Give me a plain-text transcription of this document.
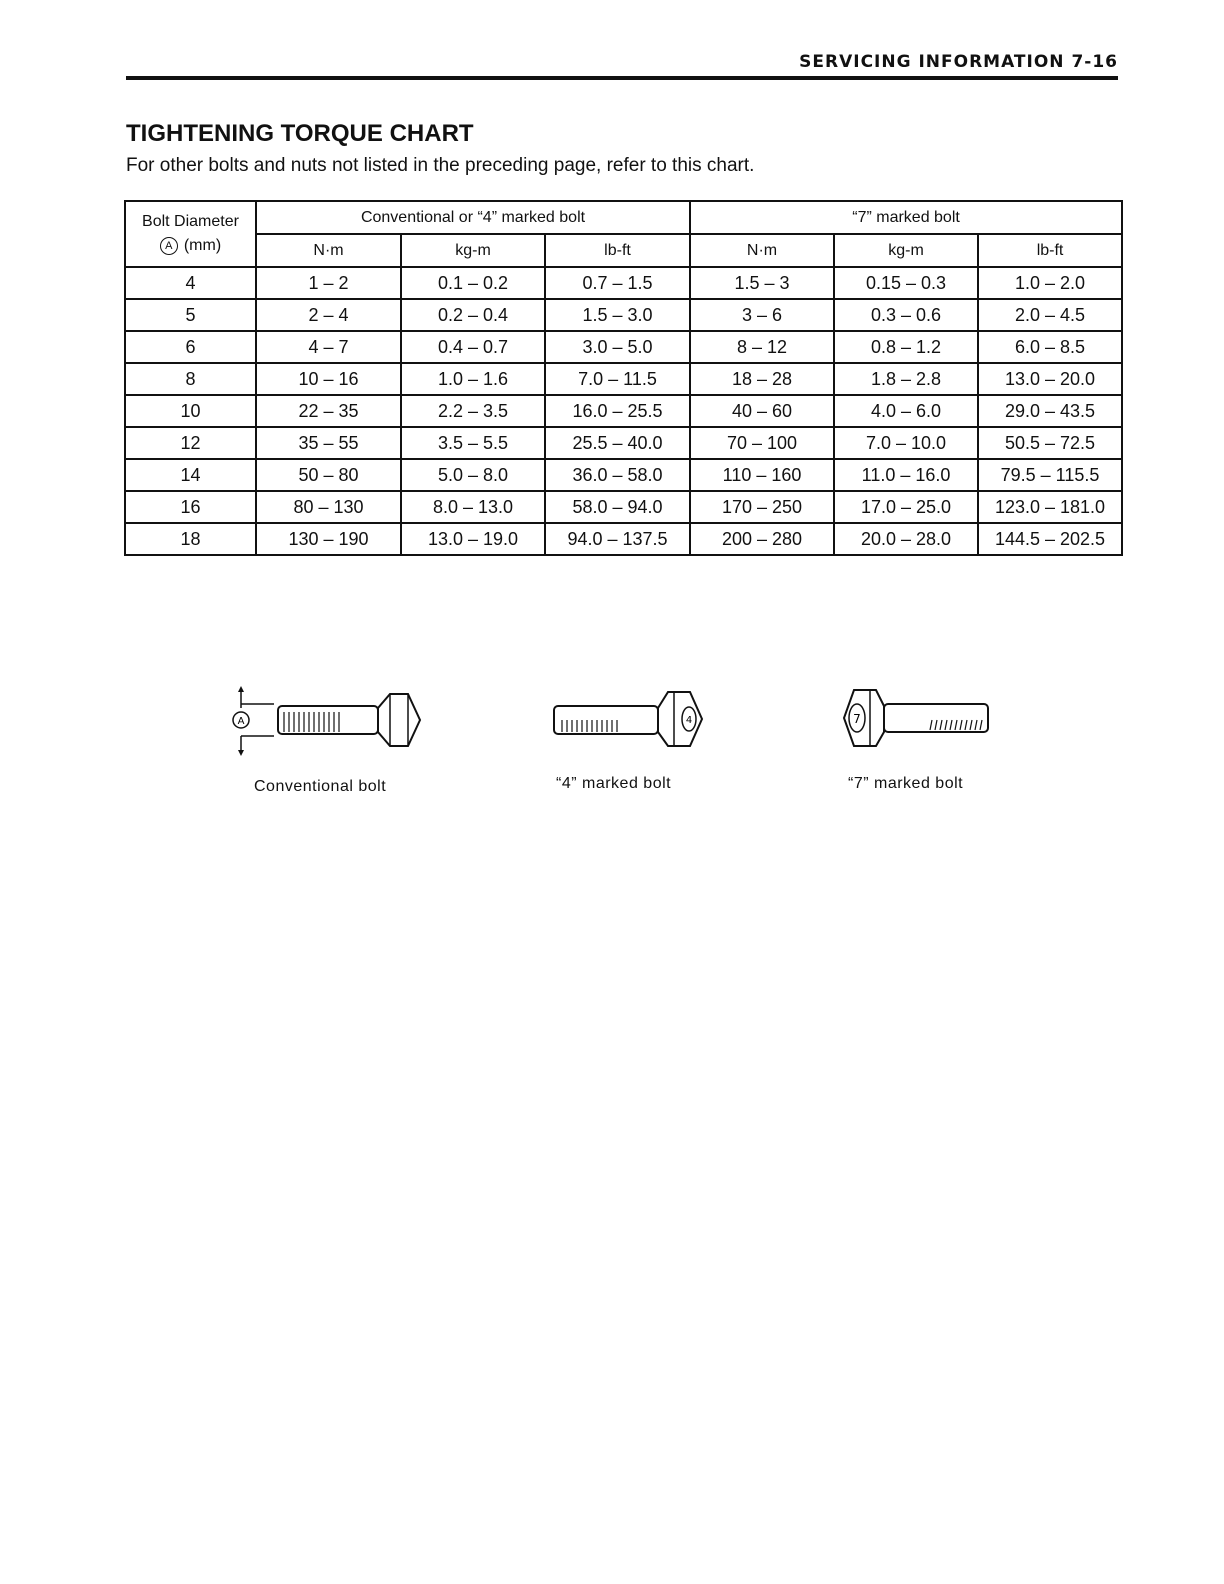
SERVICING INFORMATION 7-16
TIGHTENING TORQUE CHART

For other bolts and nuts not listed in the preceding page, refer to this chart.

Bolt Diameter
A (mm)	Conventional or “4” marked bolt			“7” marked bolt		
	N·m	kg-m	lb-ft	N·m	kg-m	lb-ft
4	1 – 2	0.1 – 0.2	0.7 – 1.5	1.5 – 3	0.15 – 0.3	1.0 – 2.0
5	2 – 4	0.2 – 0.4	1.5 – 3.0	3 – 6	0.3 – 0.6	2.0 – 4.5
6	4 – 7	0.4 – 0.7	3.0 – 5.0	8 – 12	0.8 – 1.2	6.0 – 8.5
8	10 – 16	1.0 – 1.6	7.0 – 11.5	18 – 28	1.8 – 2.8	13.0 – 20.0
10	22 – 35	2.2 – 3.5	16.0 – 25.5	40 – 60	4.0 – 6.0	29.0 – 43.5
12	35 – 55	3.5 – 5.5	25.5 – 40.0	70 – 100	7.0 – 10.0	50.5 – 72.5
14	50 – 80	5.0 – 8.0	36.0 – 58.0	110 – 160	11.0 – 16.0	79.5 – 115.5
16	80 – 130	8.0 – 13.0	58.0 – 94.0	170 – 250	17.0 – 25.0	123.0 – 181.0
18	130 – 190	13.0 – 19.0	94.0 – 137.5	200 – 280	20.0 – 28.0	144.5 – 202.5
A
Conventional bolt
4
“4” marked bolt
7
“7” marked bolt
